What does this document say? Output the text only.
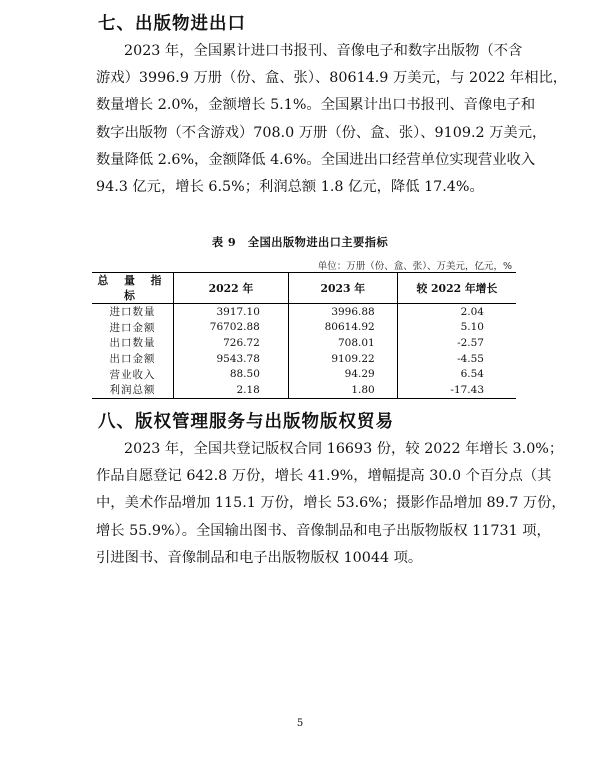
七、出版物进出口

2023 年，全国累计进口书报刊、音像电子和数字出版物（不含

游戏）3996.9 万册（份、盒、张）、80614.9 万美元，与 2022 年相比，

数量增长 2.0%，金额增长 5.1%。全国累计出口书报刊、音像电子和

数字出版物（不含游戏）708.0 万册（份、盒、张）、9109.2 万美元，

数量降低 2.6%，金额降低 4.6%。全国进出口经营单位实现营业收入

94.3 亿元，增长 6.5%；利润总额 1.8 亿元，降低 17.4%。

表 9　全国出版物进出口主要指标
单位：万册（份、盒、张）、万美元，亿元，%
总 量 指 标	2022 年	2023 年	较 2022 年增长
进口数量	3917.10	3996.88	2.04
进口金额	76702.88	80614.92	5.10
出口数量	726.72	708.01	-2.57
出口金额	9543.78	9109.22	-4.55
营业收入	88.50	94.29	6.54
利润总额	2.18	1.80	-17.43
八、版权管理服务与出版物版权贸易

2023 年，全国共登记版权合同 16693 份，较 2022 年增长 3.0%；

作品自愿登记 642.8 万份，增长 41.9%，增幅提高 30.0 个百分点（其

中，美术作品增加 115.1 万份，增长 53.6%；摄影作品增加 89.7 万份，

增长 55.9%）。全国输出图书、音像制品和电子出版物版权 11731 项，

引进图书、音像制品和电子出版物版权 10044 项。

5
